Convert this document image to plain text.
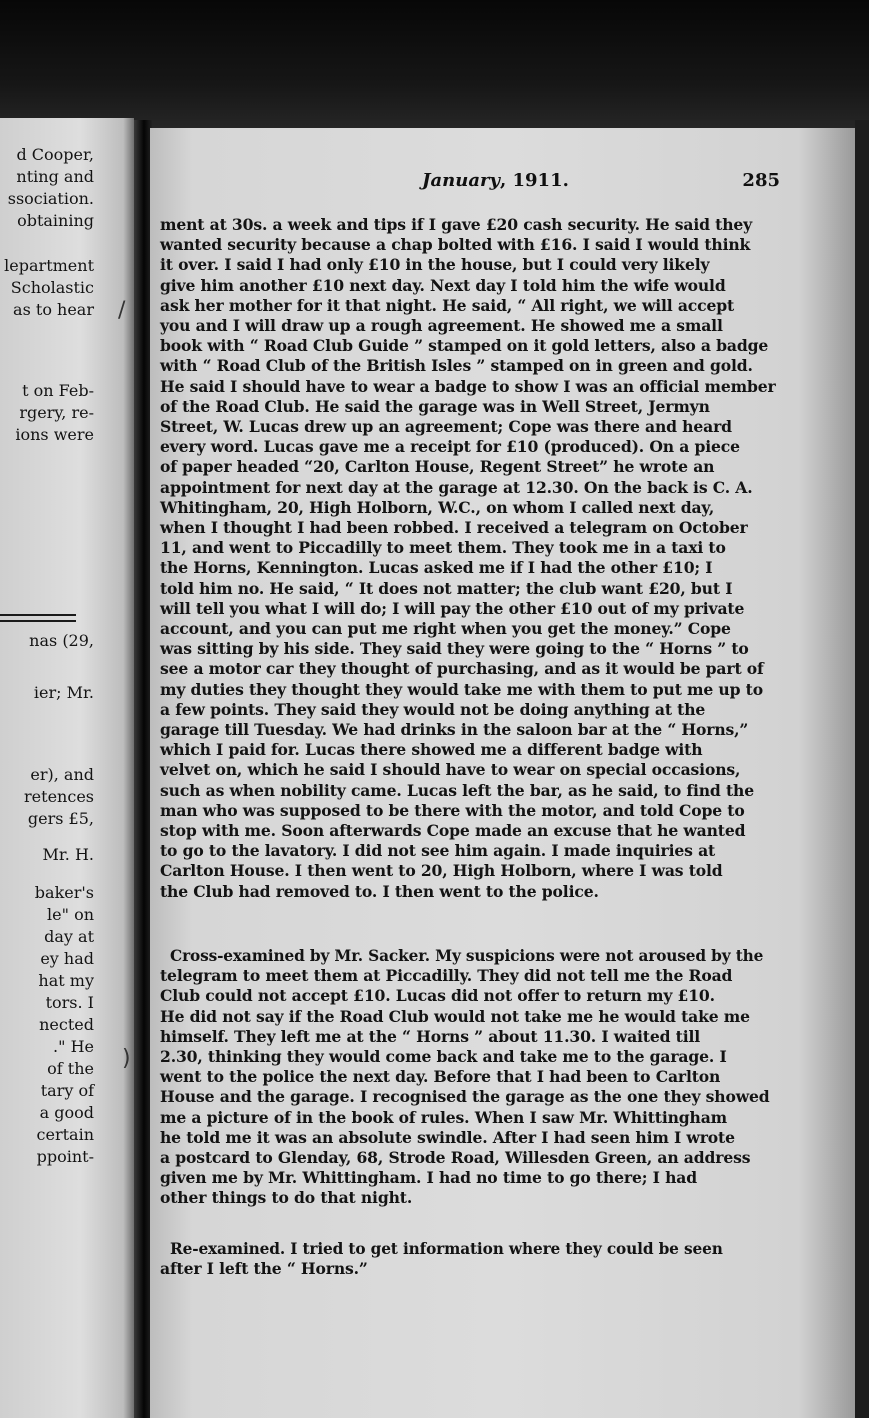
d Cooper,
nting and
ssociation.
obtaining
lepartment
Scholastic
as to hear
t on Feb-
rgery, re-
ions were
nas (29,
ier; Mr.
er), and
retences
gers £5,
Mr. H.
baker's
le" on
day at
ey had
hat my
tors. I
nected
." He
of the
tary of
a good
certain
ppoint-
January, 1911.	285
ment at 30s. a week and tips if I gave £20 cash security. He said they
wanted security because a chap bolted with £16. I said I would think
it over. I said I had only £10 in the house, but I could very likely
give him another £10 next day. Next day I told him the wife would
ask her mother for it that night. He said, “ All right, we will accept
you and I will draw up a rough agreement. He showed me a small
book with “ Road Club Guide ” stamped on it gold letters, also a badge
with “ Road Club of the British Isles ” stamped on in green and gold.
He said I should have to wear a badge to show I was an official member
of the Road Club. He said the garage was in Well Street, Jermyn
Street, W. Lucas drew up an agreement; Cope was there and heard
every word. Lucas gave me a receipt for £10 (produced). On a piece
of paper headed “20, Carlton House, Regent Street” he wrote an
appointment for next day at the garage at 12.30. On the back is C. A.
Whitingham, 20, High Holborn, W.C., on whom I called next day,
when I thought I had been robbed. I received a telegram on October
11, and went to Piccadilly to meet them. They took me in a taxi to
the Horns, Kennington. Lucas asked me if I had the other £10; I
told him no. He said, “ It does not matter; the club want £20, but I
will tell you what I will do; I will pay the other £10 out of my private
account, and you can put me right when you get the money.” Cope
was sitting by his side. They said they were going to the “ Horns ” to
see a motor car they thought of purchasing, and as it would be part of
my duties they thought they would take me with them to put me up to
a few points. They said they would not be doing anything at the
garage till Tuesday. We had drinks in the saloon bar at the “ Horns,”
which I paid for. Lucas there showed me a different badge with
velvet on, which he said I should have to wear on special occasions,
such as when nobility came. Lucas left the bar, as he said, to find the
man who was supposed to be there with the motor, and told Cope to
stop with me. Soon afterwards Cope made an excuse that he wanted
to go to the lavatory. I did not see him again. I made inquiries at
Carlton House. I then went to 20, High Holborn, where I was told
the Club had removed to. I then went to the police.
Cross-examined by Mr. Sacker. My suspicions were not aroused by the
telegram to meet them at Piccadilly. They did not tell me the Road
Club could not accept £10. Lucas did not offer to return my £10.
He did not say if the Road Club would not take me he would take me
himself. They left me at the “ Horns ” about 11.30. I waited till
2.30, thinking they would come back and take me to the garage. I
went to the police the next day. Before that I had been to Carlton
House and the garage. I recognised the garage as the one they showed
me a picture of in the book of rules. When I saw Mr. Whittingham
he told me it was an absolute swindle. After I had seen him I wrote
a postcard to Glenday, 68, Strode Road, Willesden Green, an address
given me by Mr. Whittingham. I had no time to go there; I had
other things to do that night.
Re-examined. I tried to get information where they could be seen
after I left the “ Horns.”
/
)
